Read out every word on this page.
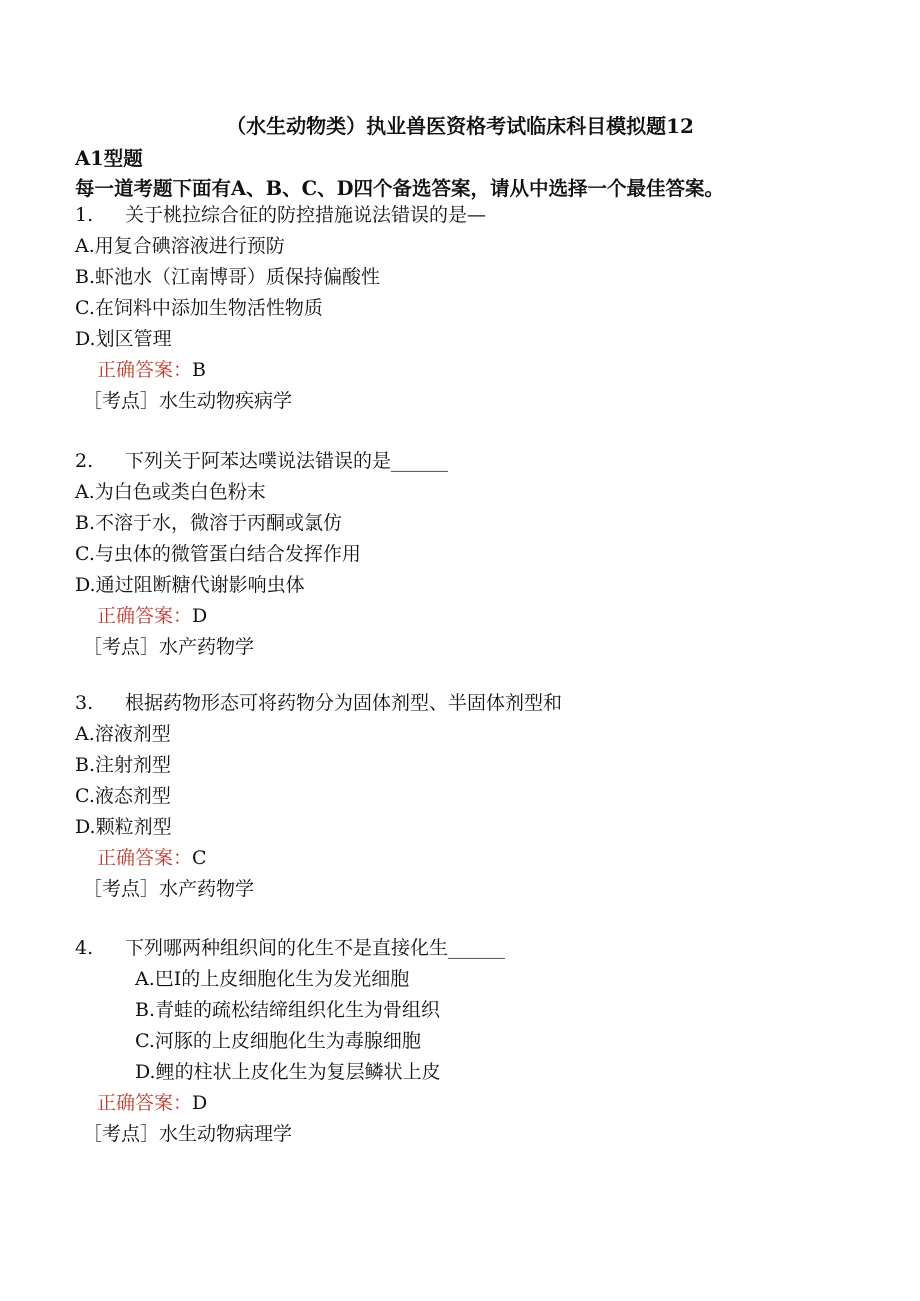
（水生动物类）执业兽医资格考试临床科目模拟题12
A1型题
每一道考题下面有A、B、C、D四个备选答案，请从中选择一个最佳答案。
1. 关于桃拉综合征的防控措施说法错误的是—
A.用复合碘溶液进行预防
B.虾池水（江南博哥）质保持偏酸性
C.在饲料中添加生物活性物质
D.划区管理
正确答案：B
［考点］水生动物疾病学
2. 下列关于阿苯达噗说法错误的是______
A.为白色或类白色粉末
B.不溶于水，微溶于丙酮或氯仿
C.与虫体的微管蛋白结合发挥作用
D.通过阻断糖代谢影响虫体
正确答案：D
［考点］水产药物学
3. 根据药物形态可将药物分为固体剂型、半固体剂型和
A.溶液剂型
B.注射剂型
C.液态剂型
D.颗粒剂型
正确答案：C
［考点］水产药物学
4. 下列哪两种组织间的化生不是直接化生______
A.巴I的上皮细胞化生为发光细胞
B.青蛙的疏松结缔组织化生为骨组织
C.河豚的上皮细胞化生为毒腺细胞
D.鲤的柱状上皮化生为复层鳞状上皮
正确答案：D
［考点］水生动物病理学
